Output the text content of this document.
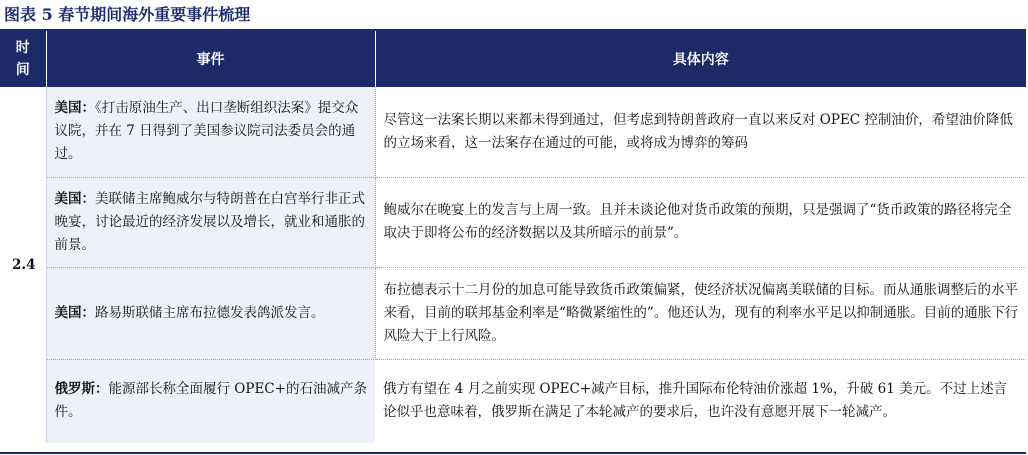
图表 5 春节期间海外重要事件梳理
时
间	事件	具体内容
2.4	美国：《打击原油生产、出口垄断组织法案》提交众议院，并在 7 日得到了美国参议院司法委员会的通过。	尽管这一法案长期以来都未得到通过，但考虑到特朗普政府一直以来反对 OPEC 控制油价，希望油价降低的立场来看，这一法案存在通过的可能，或将成为博弈的筹码
	美国：美联储主席鲍威尔与特朗普在白宫举行非正式晚宴，讨论最近的经济发展以及增长，就业和通胀的前景。	鲍威尔在晚宴上的发言与上周一致。且并未谈论他对货币政策的预期，只是强调了“货币政策的路径将完全取决于即将公布的经济数据以及其所暗示的前景”。
	美国：路易斯联储主席布拉德发表鸽派发言。	布拉德表示十二月份的加息可能导致货币政策偏紧，使经济状况偏离美联储的目标。而从通胀调整后的水平来看，目前的联邦基金利率是“略微紧缩性的”。他还认为，现有的利率水平足以抑制通胀。目前的通胀下行风险大于上行风险。
	俄罗斯：能源部长称全面履行 OPEC+的石油减产条件。	俄方有望在 4 月之前实现 OPEC+减产目标，推升国际布伦特油价涨超 1%，升破 61 美元。不过上述言论似乎也意味着，俄罗斯在满足了本轮减产的要求后，也许没有意愿开展下一轮减产。
